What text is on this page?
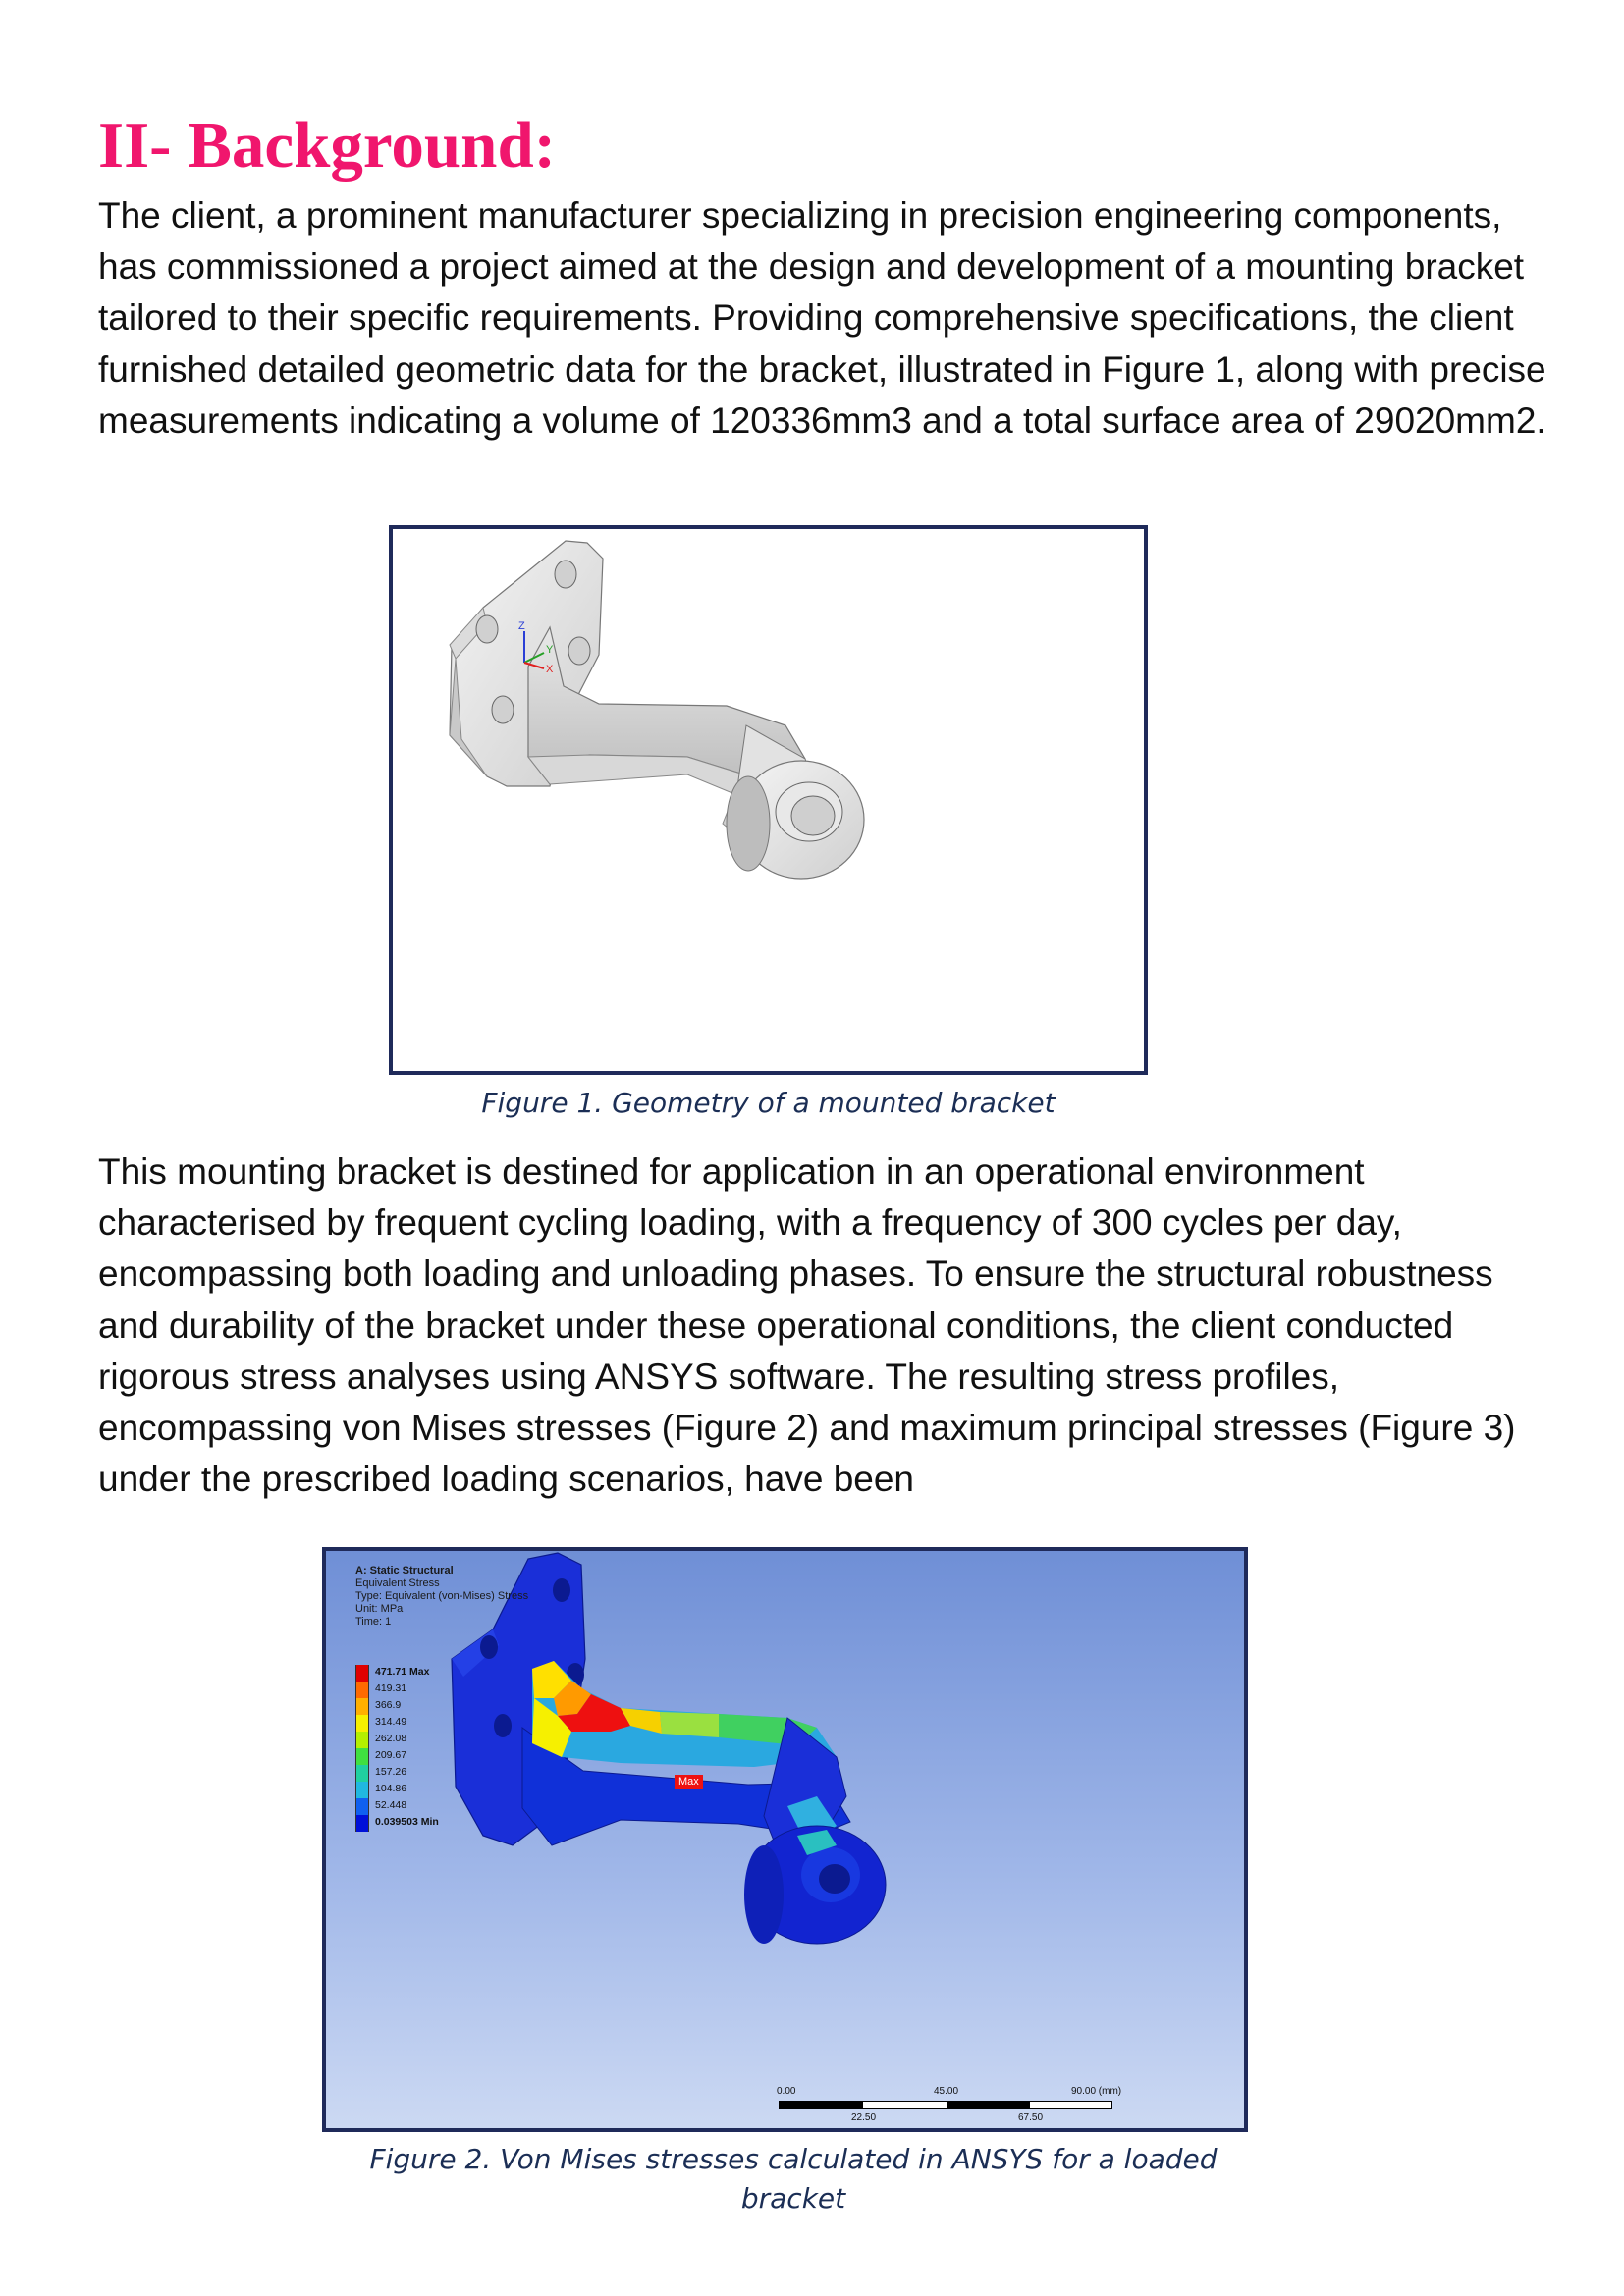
II- Background:

The client, a prominent manufacturer specializing in precision engineering components, has commissioned a project aimed at the design and development of a mounting bracket tailored to their specific requirements. Providing comprehensive specifications, the client furnished detailed geometric data for the bracket, illustrated in Figure 1, along with precise measurements indicating a volume of 120336mm3 and a total surface area of 29020mm2.

Z
Y
X

Figure 1. Geometry of a mounted bracket

This mounting bracket is destined for application in an operational environment characterised by frequent cycling loading, with a frequency of 300 cycles per day, encompassing both loading and unloading phases. To ensure the structural robustness and durability of the bracket under these operational conditions, the client conducted rigorous stress analyses using ANSYS software. The resulting stress profiles, encompassing von Mises stresses (Figure 2) and maximum principal stresses (Figure 3) under the prescribed loading scenarios, have been

A: Static Structural
Equivalent Stress
Type: Equivalent (von-Mises) Stress
Unit: MPa
Time: 1
471.71 Max
419.31
366.9
314.49
262.08
209.67
157.26
104.86
52.448
0.039503 Min
Max
0.00	45.00	90.00 (mm)
22.50	67.50

Figure 2. Von Mises stresses calculated in ANSYS for a loaded bracket
